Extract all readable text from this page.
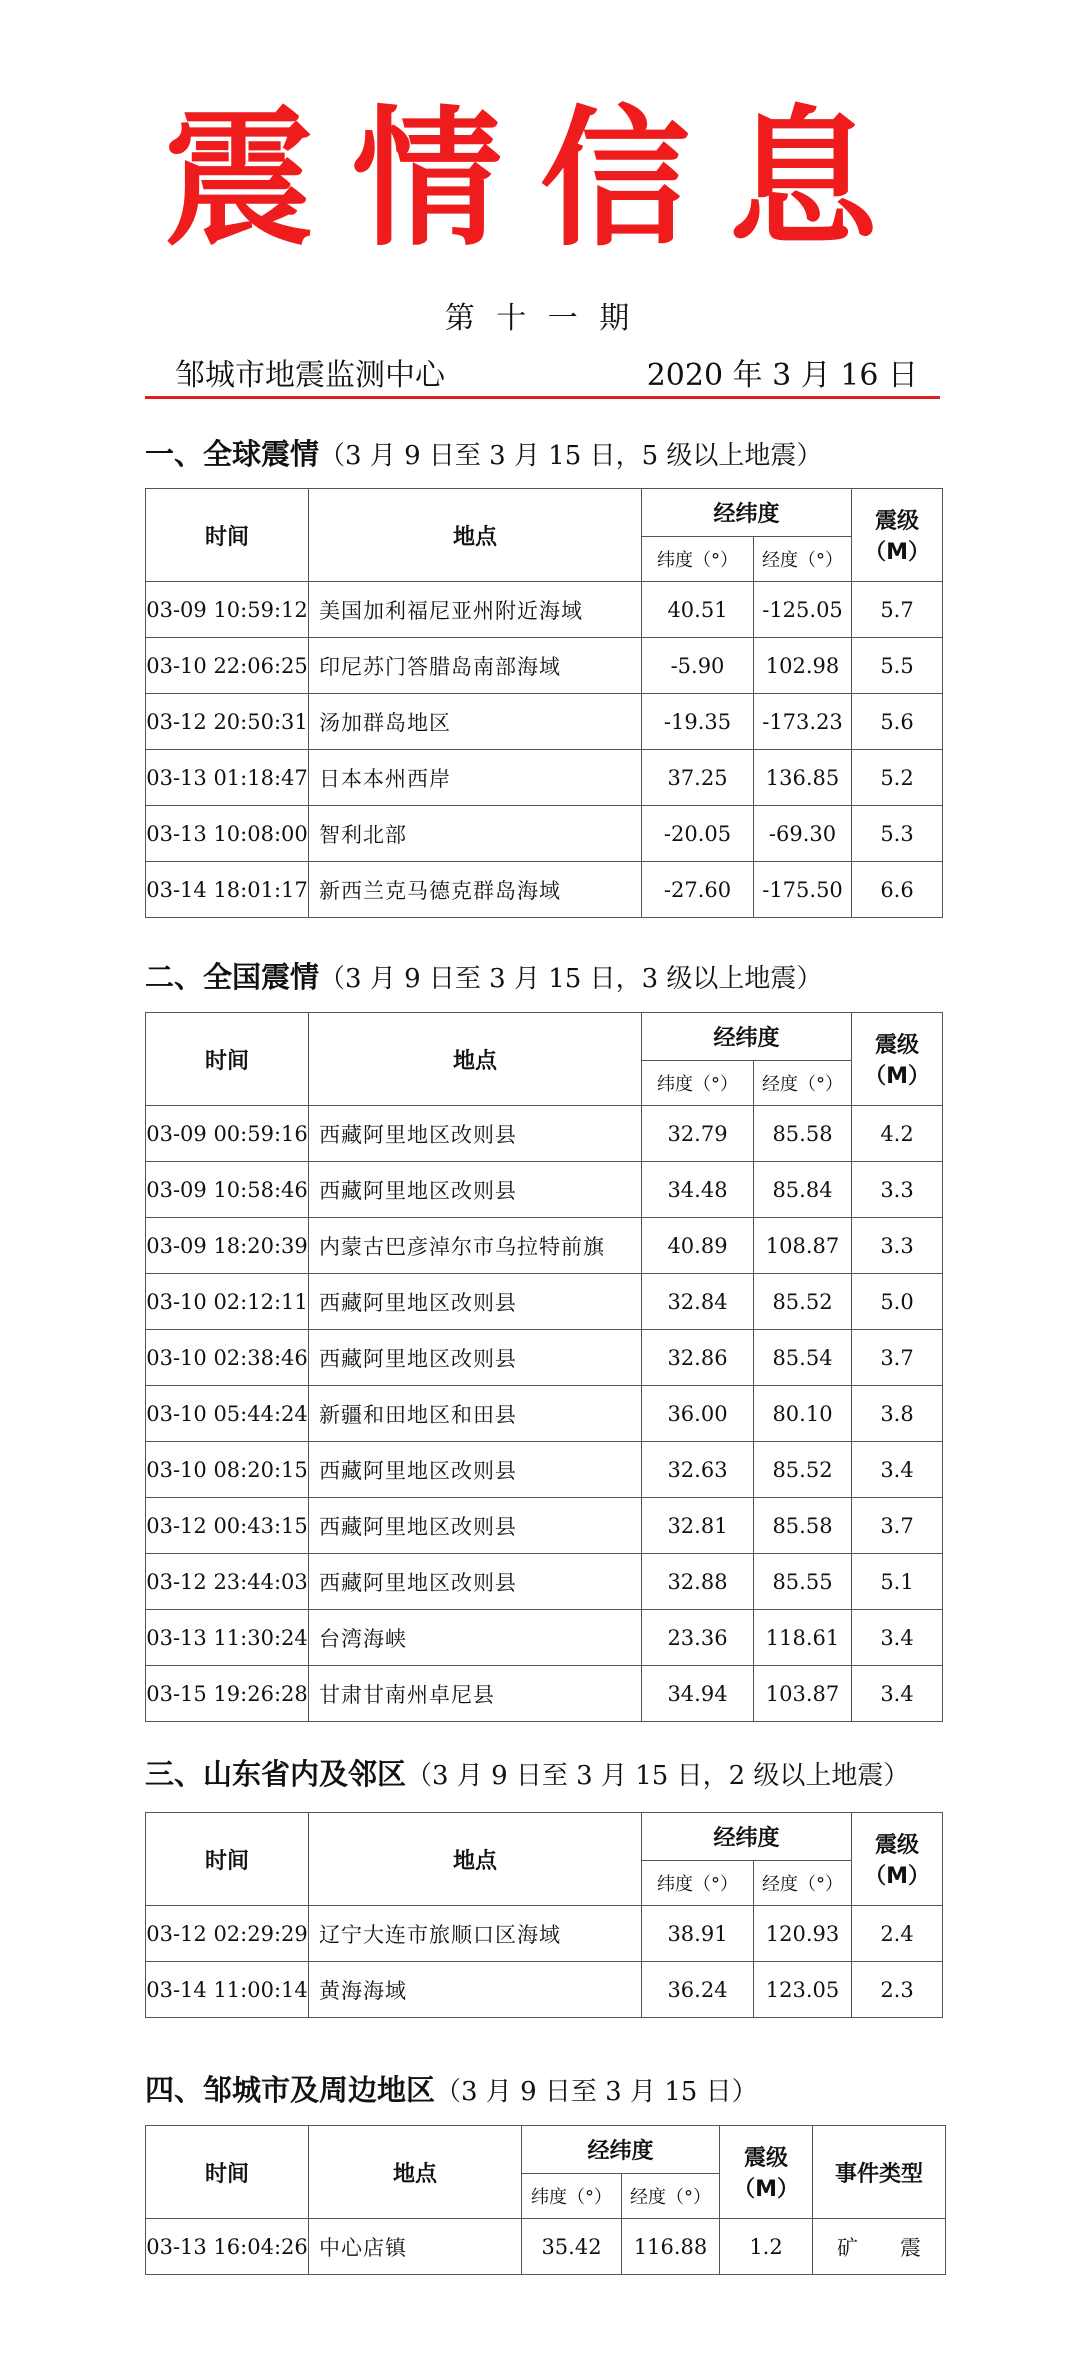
震情信息
第 十 一 期
邹城市地震监测中心	2020 年 3 月 16 日
一、全球震情（3 月 9 日至 3 月 15 日，5 级以上地震）
时间	地点	经纬度		震级
（M）
		纬度（°）	经度（°）	
03-09 10:59:12	美国加利福尼亚州附近海域	40.51	-125.05	5.7
03-10 22:06:25	印尼苏门答腊岛南部海域	-5.90	102.98	5.5
03-12 20:50:31	汤加群岛地区	-19.35	-173.23	5.6
03-13 01:18:47	日本本州西岸	37.25	136.85	5.2
03-13 10:08:00	智利北部	-20.05	-69.30	5.3
03-14 18:01:17	新西兰克马德克群岛海域	-27.60	-175.50	6.6
二、全国震情（3 月 9 日至 3 月 15 日，3 级以上地震）
时间	地点	经纬度		震级
（M）
		纬度（°）	经度（°）	
03-09 00:59:16	西藏阿里地区改则县	32.79	85.58	4.2
03-09 10:58:46	西藏阿里地区改则县	34.48	85.84	3.3
03-09 18:20:39	内蒙古巴彦淖尔市乌拉特前旗	40.89	108.87	3.3
03-10 02:12:11	西藏阿里地区改则县	32.84	85.52	5.0
03-10 02:38:46	西藏阿里地区改则县	32.86	85.54	3.7
03-10 05:44:24	新疆和田地区和田县	36.00	80.10	3.8
03-10 08:20:15	西藏阿里地区改则县	32.63	85.52	3.4
03-12 00:43:15	西藏阿里地区改则县	32.81	85.58	3.7
03-12 23:44:03	西藏阿里地区改则县	32.88	85.55	5.1
03-13 11:30:24	台湾海峡	23.36	118.61	3.4
03-15 19:26:28	甘肃甘南州卓尼县	34.94	103.87	3.4
三、山东省内及邻区（3 月 9 日至 3 月 15 日，2 级以上地震）
时间	地点	经纬度		震级
（M）
		纬度（°）	经度（°）	
03-12 02:29:29	辽宁大连市旅顺口区海域	38.91	120.93	2.4
03-14 11:00:14	黄海海域	36.24	123.05	2.3
四、邹城市及周边地区（3 月 9 日至 3 月 15 日）
时间	地点	经纬度		震级
（M）	事件类型
		纬度（°）	经度（°）		
03-13 16:04:26	中心店镇	35.42	116.88	1.2	矿　　震
